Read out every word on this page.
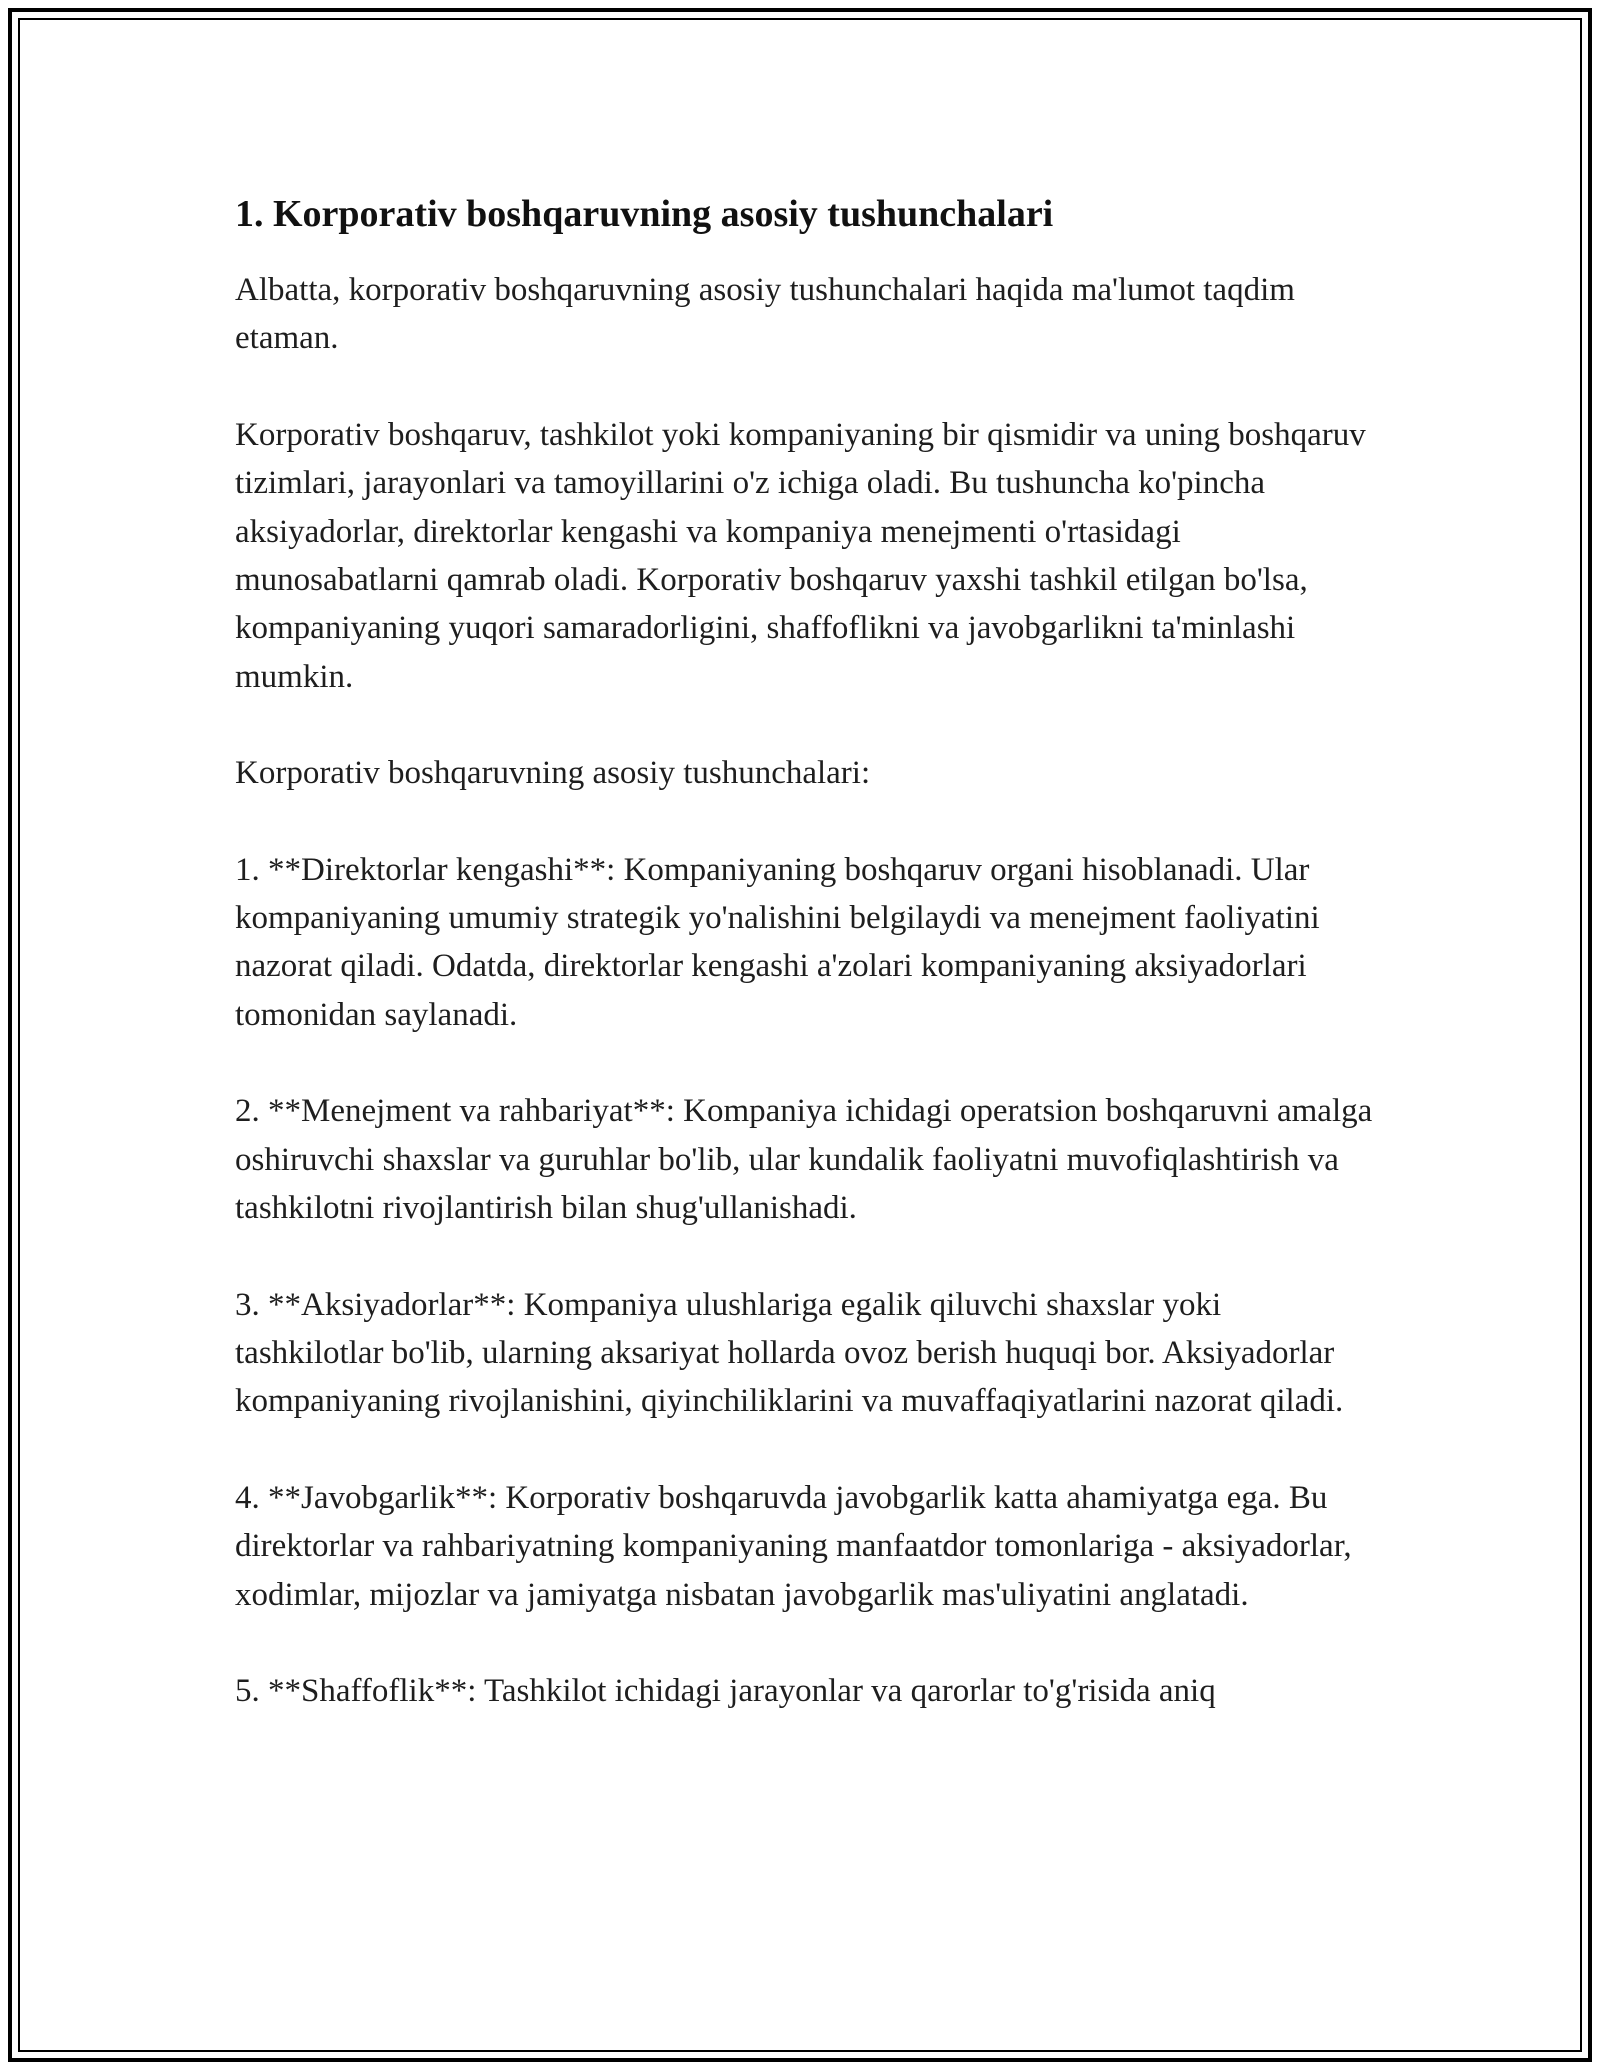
1. Korporativ boshqaruvning asosiy tushunchalari

Albatta, korporativ boshqaruvning asosiy tushunchalari haqida ma'lumot taqdim etaman.

Korporativ boshqaruv, tashkilot yoki kompaniyaning bir qismidir va uning boshqaruv tizimlari, jarayonlari va tamoyillarini o'z ichiga oladi. Bu tushuncha ko'pincha aksiyadorlar, direktorlar kengashi va kompaniya menejmenti o'rtasidagi munosabatlarni qamrab oladi. Korporativ boshqaruv yaxshi tashkil etilgan bo'lsa, kompaniyaning yuqori samaradorligini, shaffoflikni va javobgarlikni ta'minlashi mumkin.

Korporativ boshqaruvning asosiy tushunchalari:

1. **Direktorlar kengashi**: Kompaniyaning boshqaruv organi hisoblanadi. Ular kompaniyaning umumiy strategik yo'nalishini belgilaydi va menejment faoliyatini nazorat qiladi. Odatda, direktorlar kengashi a'zolari kompaniyaning aksiyadorlari tomonidan saylanadi.

2. **Menejment va rahbariyat**: Kompaniya ichidagi operatsion boshqaruvni amalga oshiruvchi shaxslar va guruhlar bo'lib, ular kundalik faoliyatni muvofiqlashtirish va tashkilotni rivojlantirish bilan shug'ullanishadi.

3. **Aksiyadorlar**: Kompaniya ulushlariga egalik qiluvchi shaxslar yoki tashkilotlar bo'lib, ularning aksariyat hollarda ovoz berish huquqi bor. Aksiyadorlar kompaniyaning rivojlanishini, qiyinchiliklarini va muvaffaqiyatlarini nazorat qiladi.

4. **Javobgarlik**: Korporativ boshqaruvda javobgarlik katta ahamiyatga ega. Bu direktorlar va rahbariyatning kompaniyaning manfaatdor tomonlariga - aksiyadorlar, xodimlar, mijozlar va jamiyatga nisbatan javobgarlik mas'uliyatini anglatadi.

5. **Shaffoflik**: Tashkilot ichidagi jarayonlar va qarorlar to'g'risida aniq
